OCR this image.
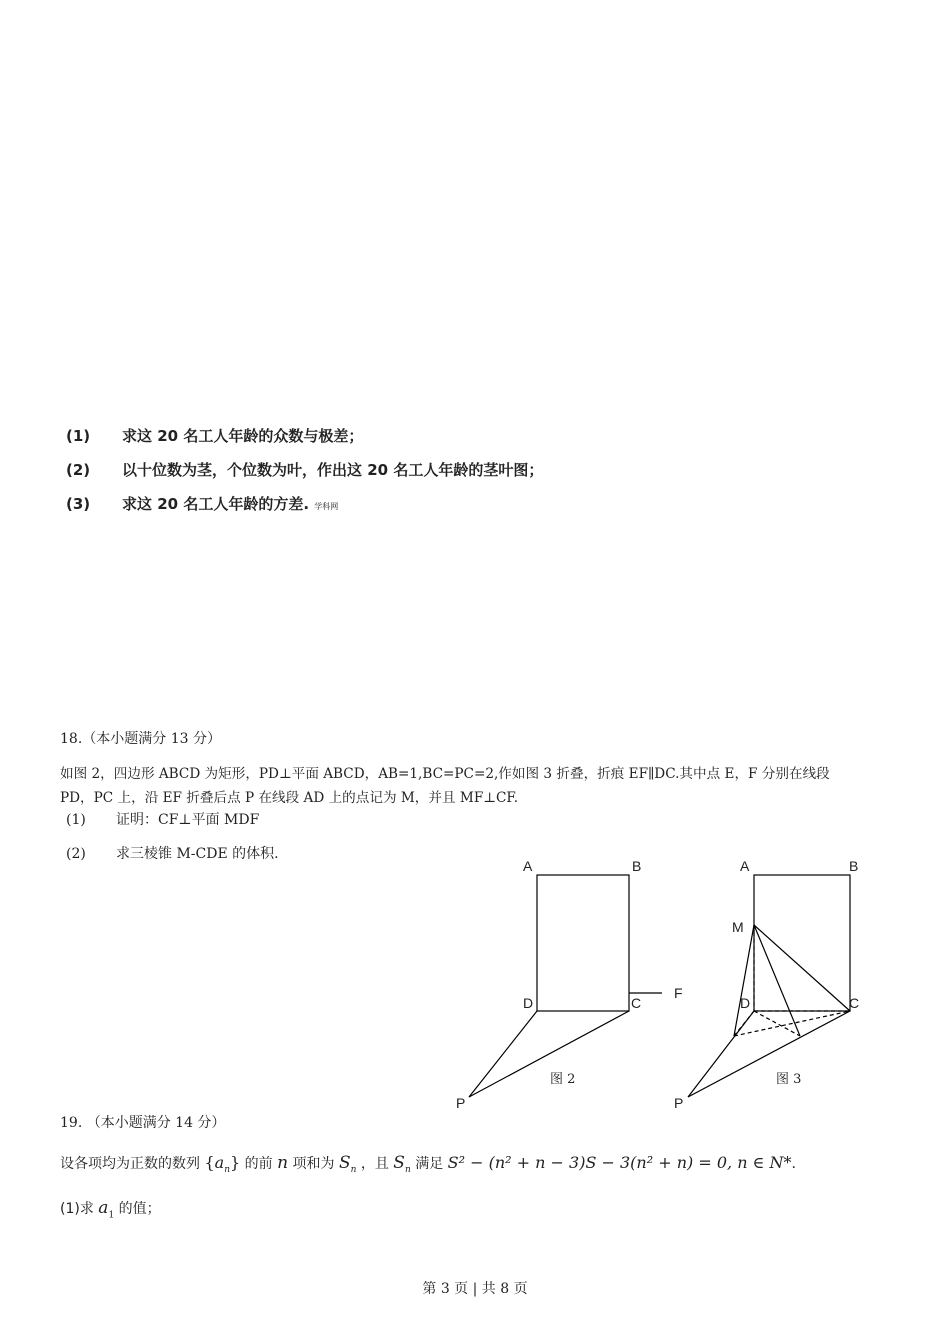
(1) 求这 20 名工人年龄的众数与极差；
(2) 以十位数为茎，个位数为叶，作出这 20 名工人年龄的茎叶图；
(3) 求这 20 名工人年龄的方差. 学科网
18.（本小题满分 13 分）
如图 2，四边形 ABCD 为矩形，PD⊥平面 ABCD，AB=1,BC=PC=2,作如图 3 折叠，折痕 EF∥DC.其中点 E，F 分别在线段
PD，PC 上，沿 EF 折叠后点 P 在线段 AD 上的点记为 M，并且 MF⊥CF.
(1) 证明：CF⊥平面 MDF
(2) 求三棱锥 M-CDE 的体积.
A	B
D	C
F
P
图 2
A	B
M
D	C
P
图 3
19. （本小题满分 14 分）
设各项均为正数的数列 $\{a_n\}$ 的前 n 项和为 $S_n$ ，且 $S_n$ 满足 S² − (n² + n − 3)S − 3(n² + n) = 0, n ∈ N*.
(1)求 $a_1$ 的值；
第 3 页 | 共 8 页
